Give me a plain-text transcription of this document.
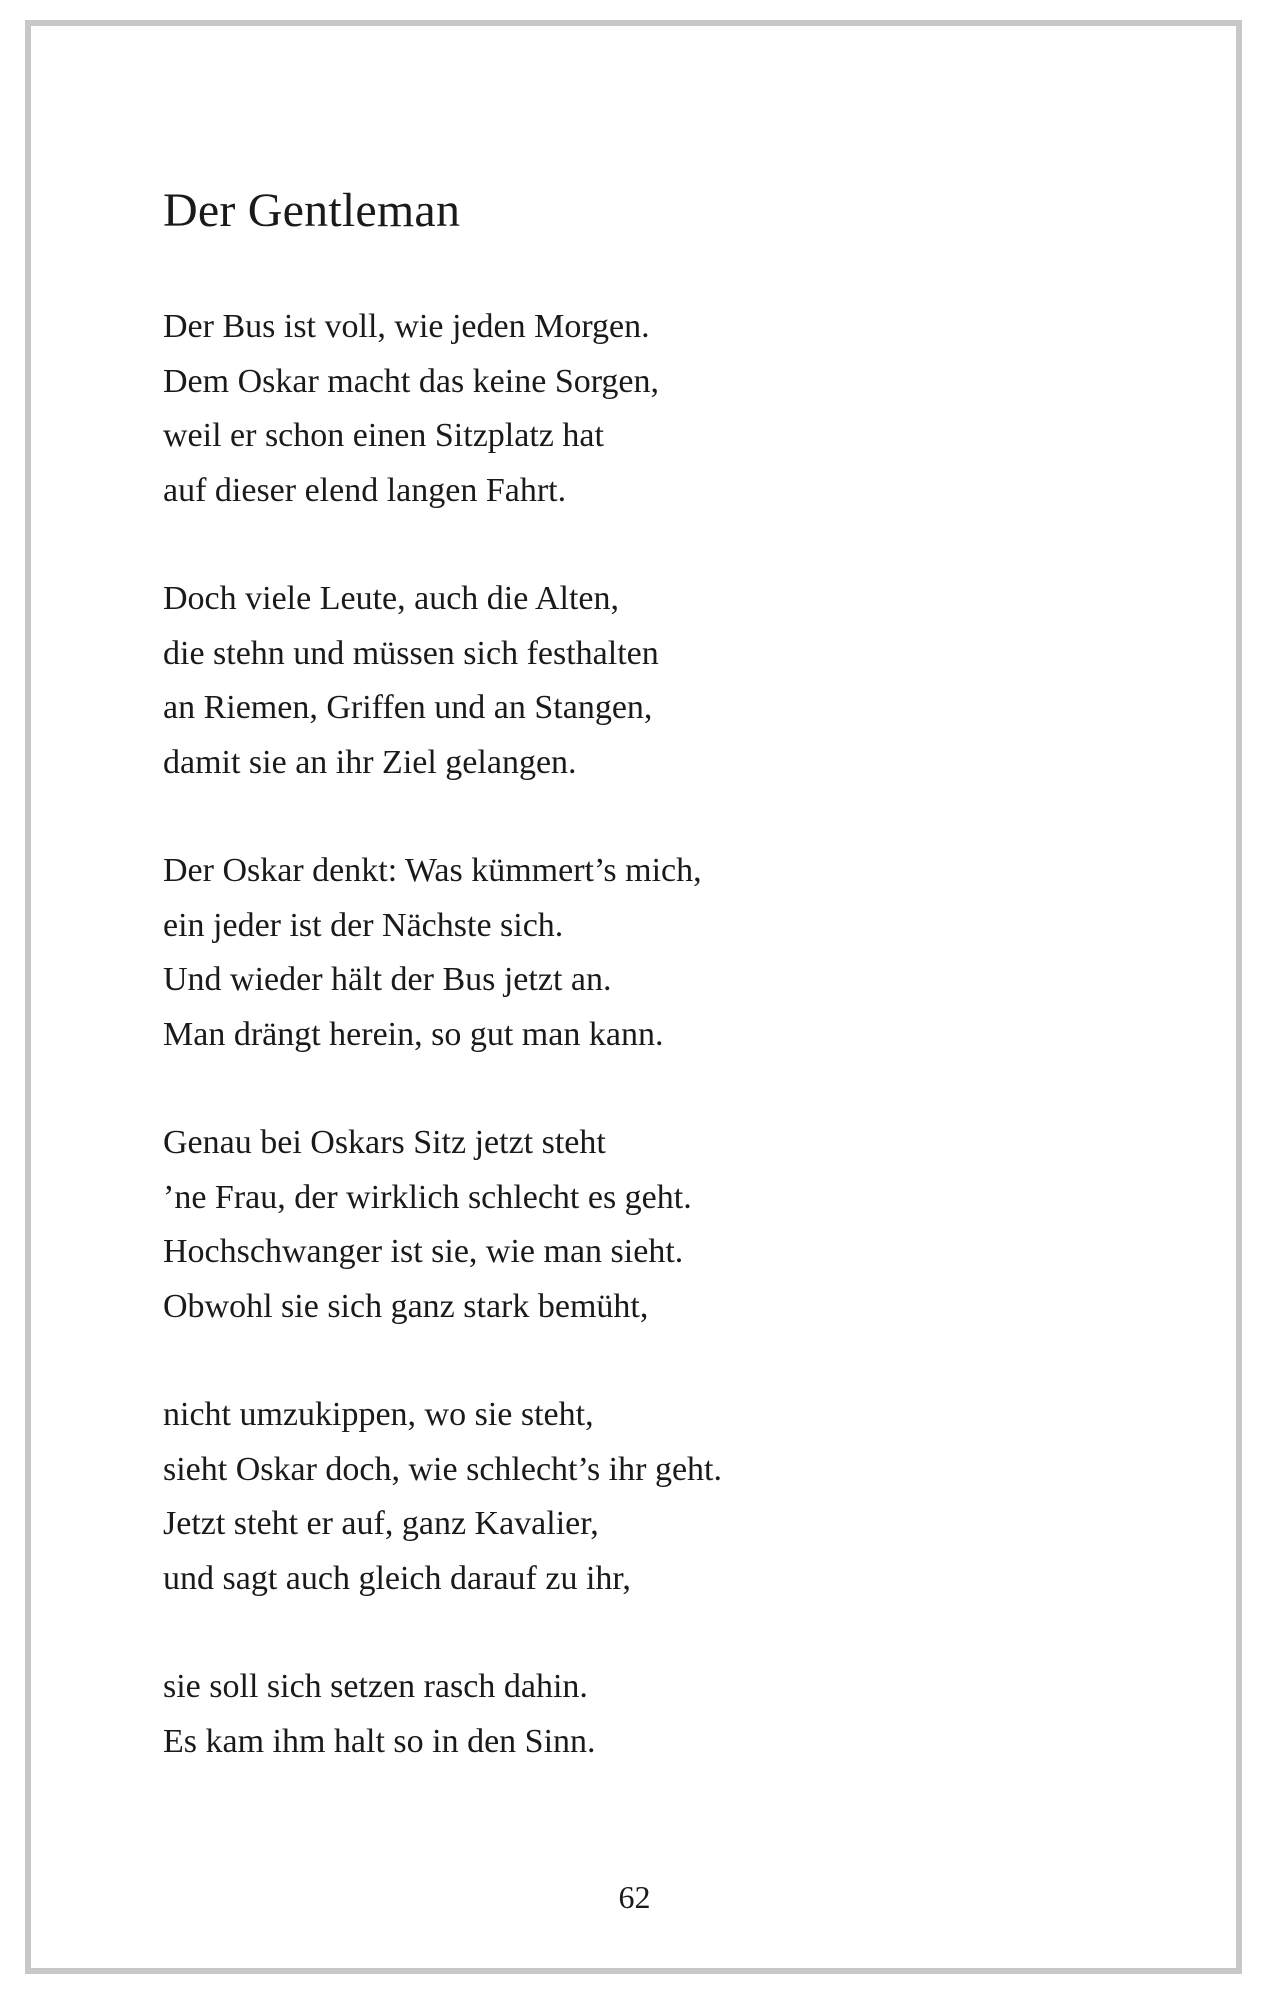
Der Gentleman
Der Bus ist voll, wie jeden Morgen.
Dem Oskar macht das keine Sorgen,
weil er schon einen Sitzplatz hat
auf dieser elend langen Fahrt.
Doch viele Leute, auch die Alten,
die stehn und müssen sich festhalten
an Riemen, Griffen und an Stangen,
damit sie an ihr Ziel gelangen.
Der Oskar denkt: Was kümmert’s mich,
ein jeder ist der Nächste sich.
Und wieder hält der Bus jetzt an.
Man drängt herein, so gut man kann.
Genau bei Oskars Sitz jetzt steht
’ne Frau, der wirklich schlecht es geht.
Hochschwanger ist sie, wie man sieht.
Obwohl sie sich ganz stark bemüht,
nicht umzukippen, wo sie steht,
sieht Oskar doch, wie schlecht’s ihr geht.
Jetzt steht er auf, ganz Kavalier,
und sagt auch gleich darauf zu ihr,
sie soll sich setzen rasch dahin.
Es kam ihm halt so in den Sinn.
62
